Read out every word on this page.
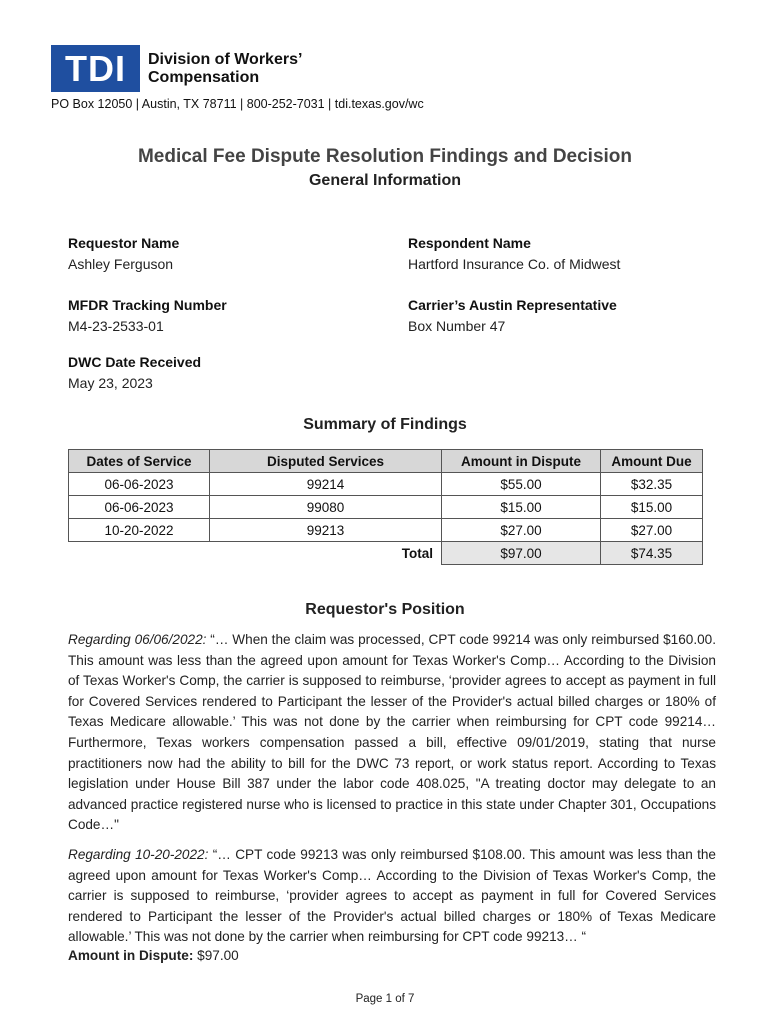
TDI	Division of Workers’
Compensation
PO Box 12050 | Austin, TX 78711 | 800-252-7031 | tdi.texas.gov/wc
Medical Fee Dispute Resolution Findings and Decision
General Information
Requestor Name
Ashley Ferguson
Respondent Name
Hartford Insurance Co. of Midwest
MFDR Tracking Number
M4-23-2533-01
Carrier’s Austin Representative
Box Number 47
DWC Date Received
May 23, 2023
Summary of Findings
Dates of Service	Disputed Services	Amount in Dispute	Amount Due
06-06-2023	99214	$55.00	$32.35
06-06-2023	99080	$15.00	$15.00
10-20-2022	99213	$27.00	$27.00
	Total	$97.00	$74.35
Requestor's Position
Regarding 06/06/2022: “… When the claim was processed, CPT code 99214 was only reimbursed $160.00. This amount was less than the agreed upon amount for Texas Worker's Comp… According to the Division of Texas Worker's Comp, the carrier is supposed to reimburse, ‘provider agrees to accept as payment in full for Covered Services rendered to Participant the lesser of the Provider's actual billed charges or 180% of Texas Medicare allowable.’ This was not done by the carrier when reimbursing for CPT code 99214… Furthermore, Texas workers compensation passed a bill, effective 09/01/2019, stating that nurse practitioners now had the ability to bill for the DWC 73 report, or work status report. According to Texas legislation under House Bill 387 under the labor code 408.025, "A treating doctor may delegate to an advanced practice registered nurse who is licensed to practice in this state under Chapter 301, Occupations Code…"
Regarding 10-20-2022: “… CPT code 99213 was only reimbursed $108.00. This amount was less than the agreed upon amount for Texas Worker's Comp… According to the Division of Texas Worker's Comp, the carrier is supposed to reimburse, ‘provider agrees to accept as payment in full for Covered Services rendered to Participant the lesser of the Provider's actual billed charges or 180% of Texas Medicare allowable.’ This was not done by the carrier when reimbursing for CPT code 99213… “
Amount in Dispute: $97.00
Page 1 of 7
